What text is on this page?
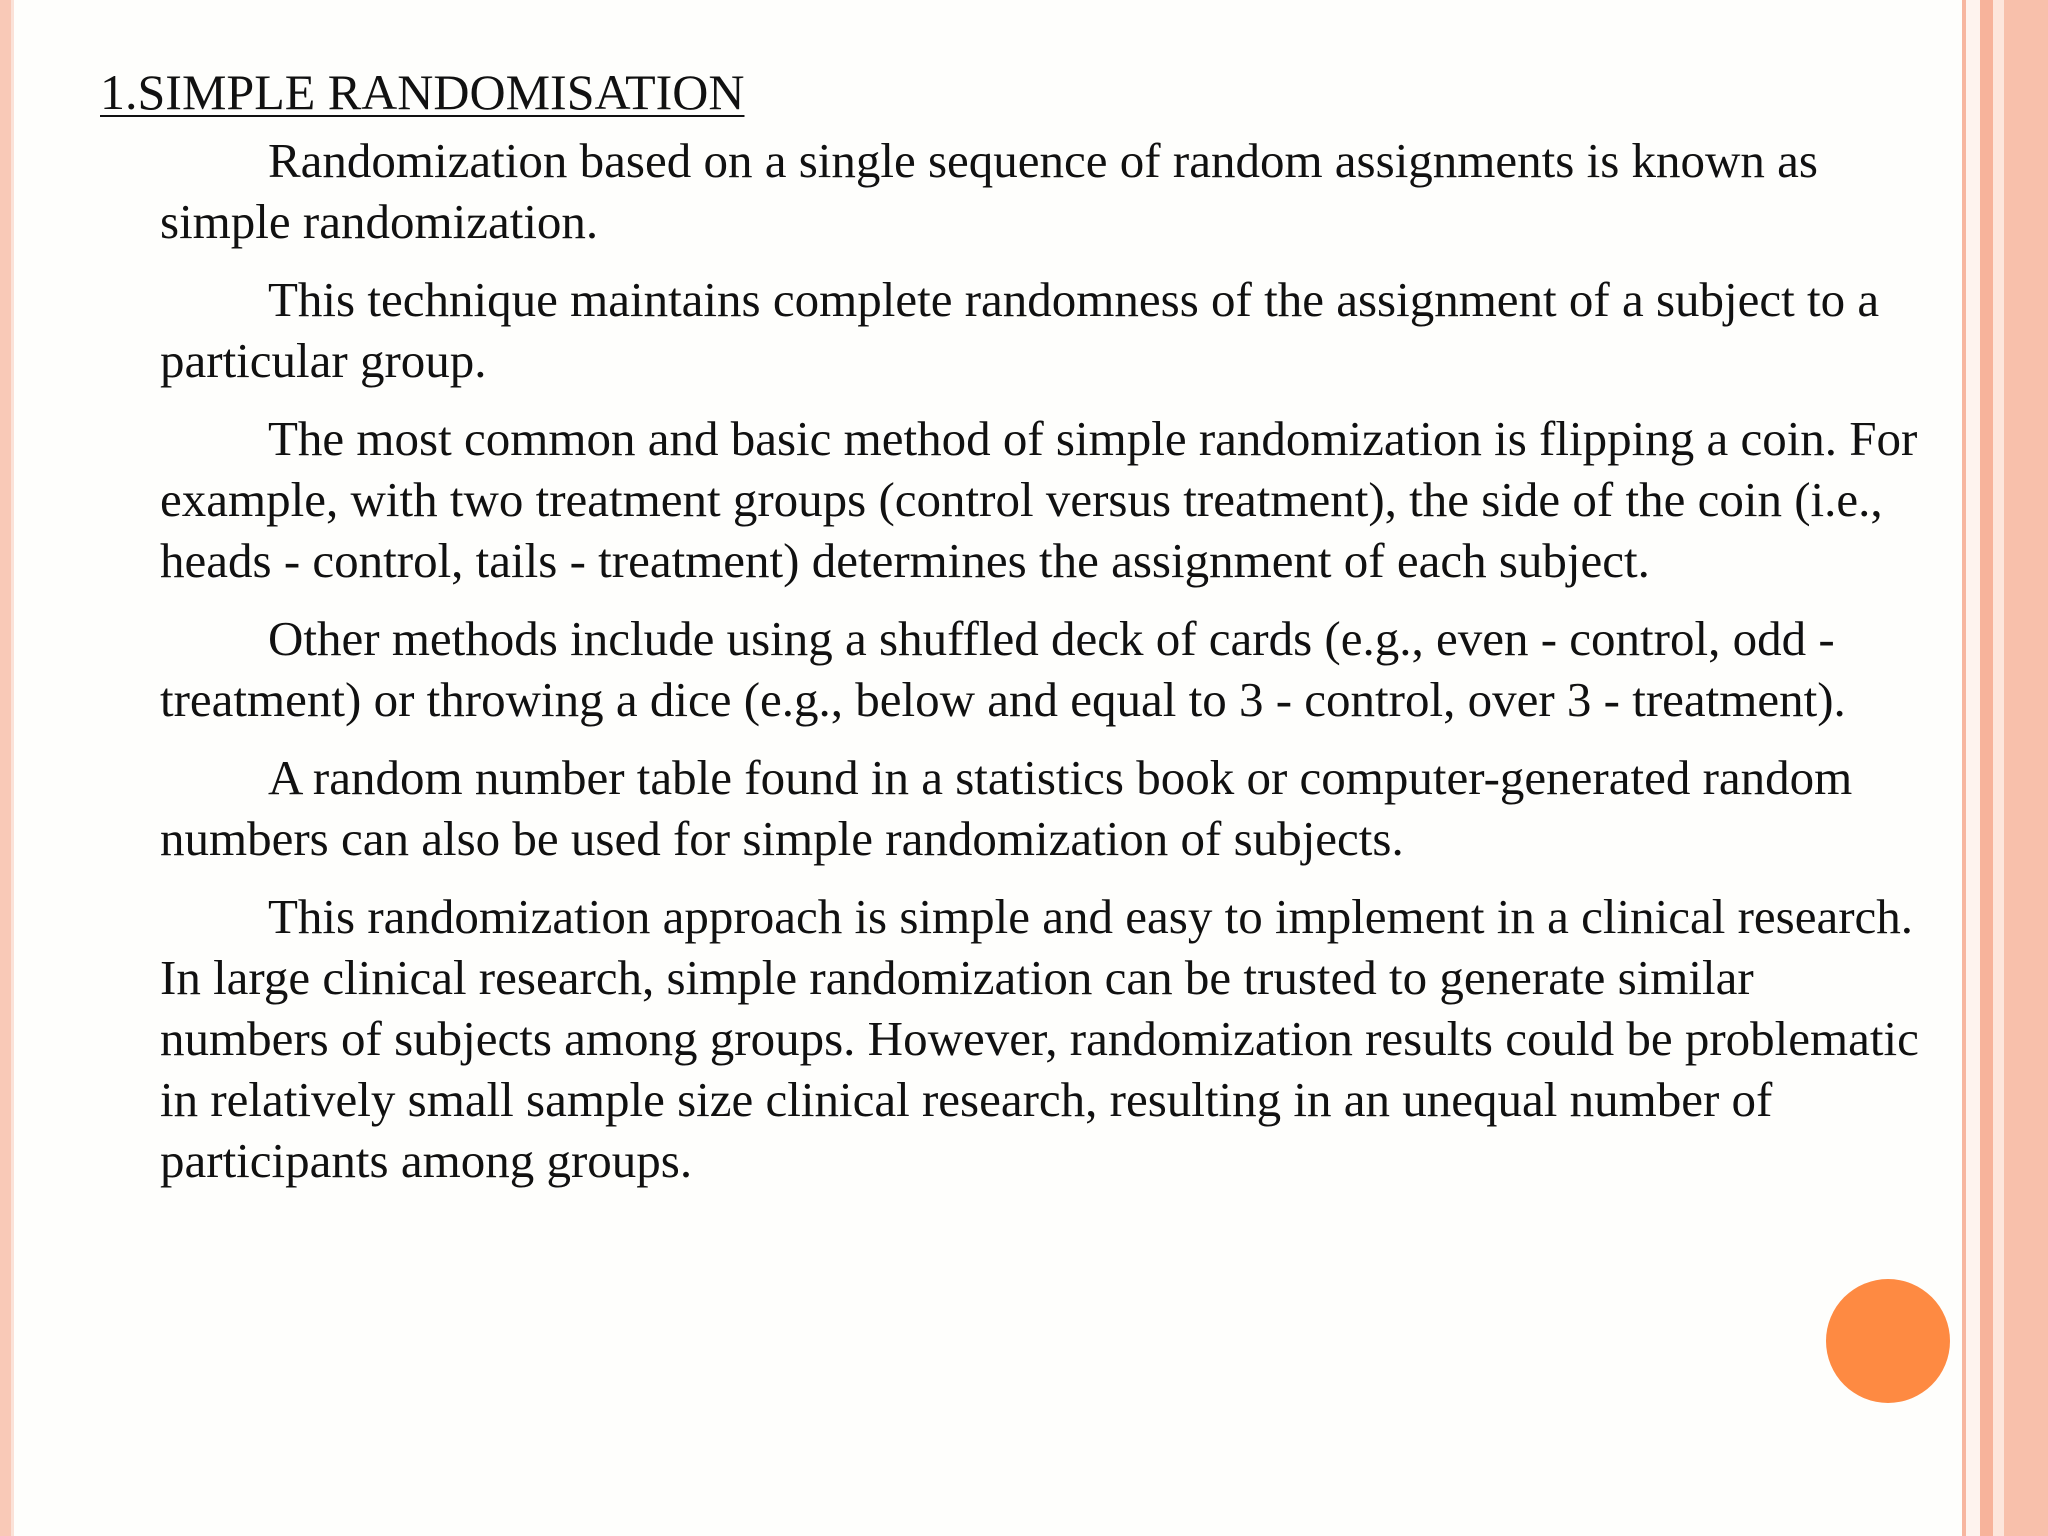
1.SIMPLE RANDOMISATION

Randomization based on a single sequence of random assignments is known as simple randomization.

This technique maintains complete randomness of the assignment of a subject to a particular group.

The most common and basic method of simple randomization is flipping a coin. For example, with two treatment groups (control versus treatment), the side of the coin (i.e., heads - control, tails - treatment) determines the assignment of each subject.

Other methods include using a shuffled deck of cards (e.g., even - control, odd - treatment) or throwing a dice (e.g., below and equal to 3 - control, over 3 - treatment).

A random number table found in a statistics book or computer-generated random numbers can also be used for simple randomization of subjects.

This randomization approach is simple and easy to implement in a clinical research. In large clinical research, simple randomization can be trusted to generate similar numbers of subjects among groups. However, randomization results could be problematic in relatively small sample size clinical research, resulting in an unequal number of participants among groups.
